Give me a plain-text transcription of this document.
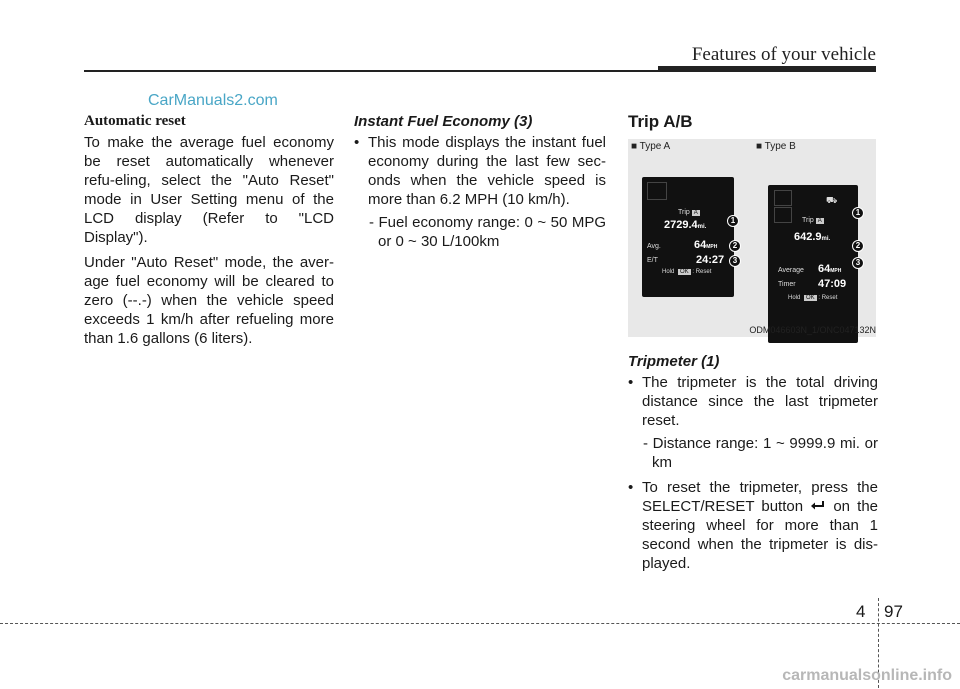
Features of your vehicle
CarManuals2.com
Automatic reset

To make the average fuel economy be reset automatically whenever refu-eling, select the "Auto Reset" mode in User Setting menu of the LCD display (Refer to "LCD Display").

Under "Auto Reset" mode, the aver-age fuel economy will be cleared to zero (--.-) when the vehicle speed exceeds 1 km/h after refueling more than 1.6 gallons (6 liters).

Instant Fuel Economy (3)
• This mode displays the instant fuel economy during the last few sec-onds when the vehicle speed is more than 6.2 MPH (10 km/h).
- Fuel economy range: 0 ~ 50 MPG or 0 ~ 30 L/100km
Trip A/B
■ Type A	■ Type B
Trip A
2729.4mi.
Avg.	64MPH
E/T	24:27
Hold OK : Reset
1
2
3
⛟
Trip A
642.9mi.
Average 64MPH
Timer 47:09
Hold OK : Reset
1
2
3
ODM046603N_1/ONC047132N
Tripmeter (1)
• The tripmeter is the total driving distance since the last tripmeter reset.
- Distance range: 1 ~ 9999.9 mi. or km
• To reset the tripmeter, press the SELECT/RESET button on the steering wheel for more than 1 second when the tripmeter is dis-played.
4 97
carmanualsonline.info
